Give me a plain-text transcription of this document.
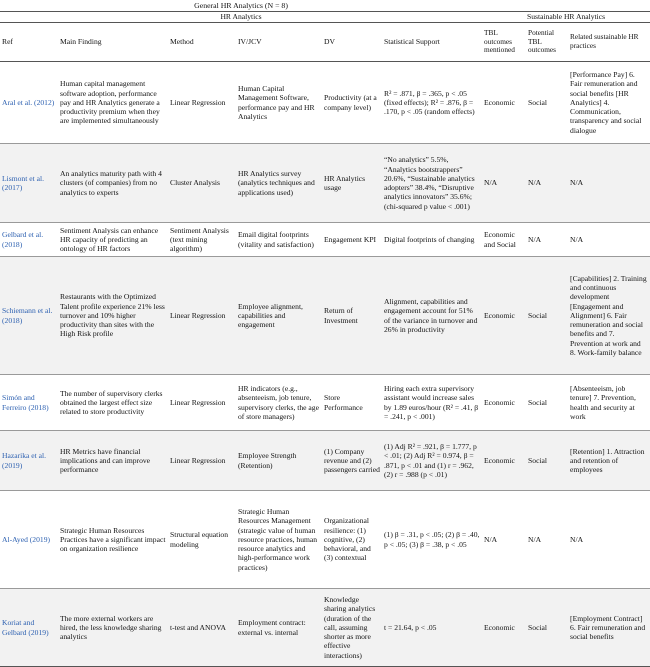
General HR Analytics (N = 8)								
HR Analytics						Sustainable HR Analytics		
Ref	Main Finding	Method	IV/JCV	DV	Statistical Support	TBL outcomes mentioned	Potential TBL outcomes	Related sustainable HR practices
Aral et al. (2012)	Human capital management software adoption, performance pay and HR Analytics generate a productivity premium when they are implemented simultaneously	Linear Regression	Human Capital Management Software, performance pay and HR Analytics	Productivity (at a company level)	R² = .871, β = .365, p < .05 (fixed effects); R² = .876, β = .170, p < .05 (random effects)	Economic	Social	[Performance Pay] 6. Fair remuneration and social benefits [HR Analytics] 4. Communication, transparency and social dialogue
Lismont et al. (2017)	An analytics maturity path with 4 clusters (of companies) from no analytics to experts	Cluster Analysis	HR Analytics survey (analytics techniques and applications used)	HR Analytics usage	“No analytics” 5.5%, “Analytics bootstrappers” 20.6%, “Sustainable analytics adopters” 38.4%, “Disruptive analytics innovators” 35.6%; (chi-squared p value < .001)	N/A	N/A	N/A
Gelbard et al. (2018)	Sentiment Analysis can enhance HR capacity of predicting an ontology of HR factors	Sentiment Analysis (text mining algorithm)	Email digital footprints (vitality and satisfaction)	Engagement KPI	Digital footprints of changing	Economic and Social	N/A	N/A
Schiemann et al. (2018)	Restaurants with the Optimized Talent profile experience 21% less turnover and 10% higher productivity than sites with the High Risk profile	Linear Regression	Employee alignment, capabilities and engagement	Return of Investment	Alignment, capabilities and engagement account for 51% of the variance in turnover and 26% in productivity	Economic	Social	[Capabilities] 2. Training and continuous development [Engagement and Alignment] 6. Fair remuneration and social benefits and 7. Prevention at work and 8. Work-family balance
Simón and Ferreiro (2018)	The number of supervisory clerks obtained the largest effect size related to store productivity	Linear Regression	HR indicators (e.g., absenteeism, job tenure, supervisory clerks, the age of store managers)	Store Performance	Hiring each extra supervisory assistant would increase sales by 1.89 euros/hour (R² = .41, β = .241, p < .001)	Economic	Social	[Absenteeism, job tenure] 7. Prevention, health and security at work
Hazarika et al. (2019)	HR Metrics have financial implications and can improve performance	Linear Regression	Employee Strength (Retention)	(1) Company revenue and (2) passengers carried	(1) Adj R² = .921, β = 1.777, p < .01; (2) Adj R² = 0.974, β = .871, p < .01 and (1) r = .962, (2) r = .988 (p < .01)	Economic	Social	[Retention] 1. Attraction and retention of employees
Al-Ayed (2019)	Strategic Human Resources Practices have a significant impact on organization resilience	Structural equation modeling	Strategic Human Resources Management (strategic value of human resource practices, human resource analytics and high-performance work practices)	Organizational resilience: (1) cognitive, (2) behavioral, and (3) contextual	(1) β = .31, p < .05; (2) β = .40, p < .05; (3) β = .38, p < .05	N/A	N/A	N/A
Koriat and Gelbard (2019)	The more external workers are hired, the less knowledge sharing analytics	t-test and ANOVA	Employment contract: external vs. internal	Knowledge sharing analytics (duration of the call, assuming shorter as more effective interactions)	t = 21.64, p < .05	Economic	Social	[Employment Contract] 6. Fair remuneration and social benefits
